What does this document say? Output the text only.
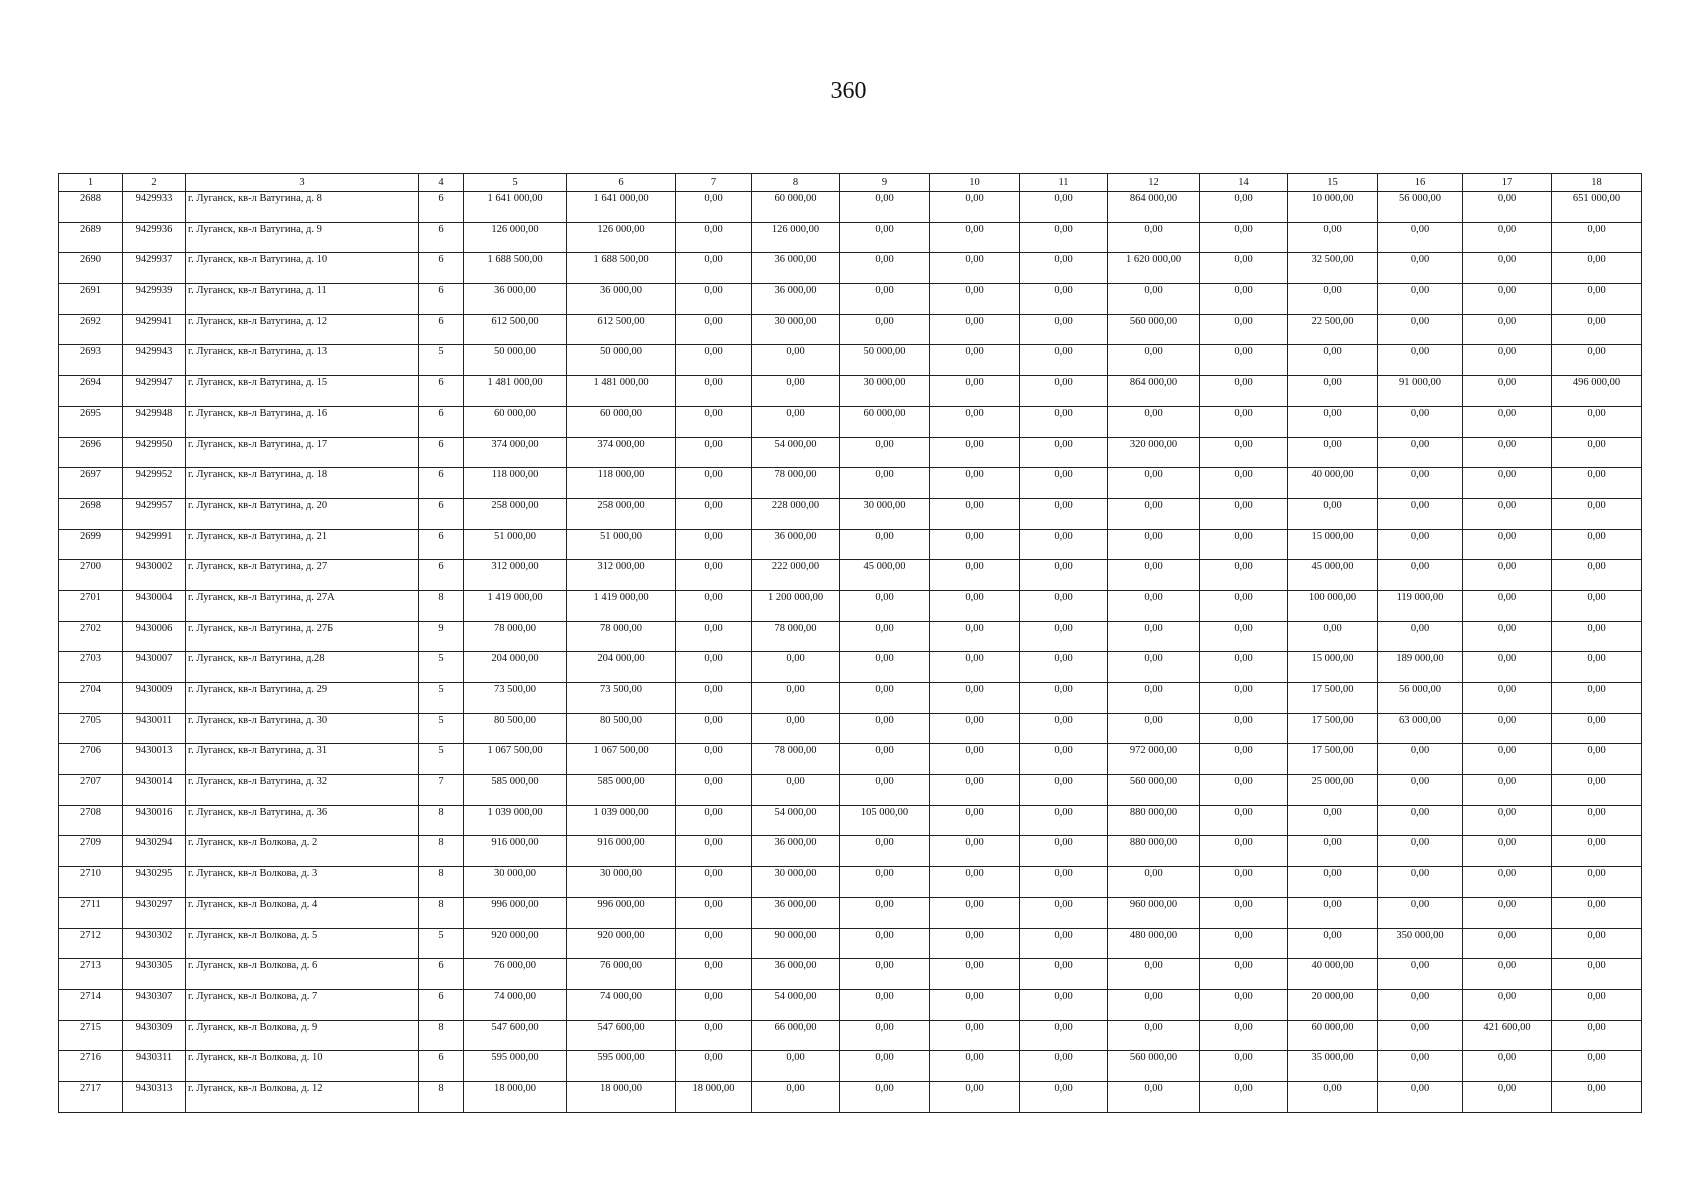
360
1	2	3	4	5	6	7	8	9	10	11	12	14	15	16	17	18
2688	9429933	г. Луганск, кв-л Ватугина, д. 8	6	1 641 000,00	1 641 000,00	0,00	60 000,00	0,00	0,00	0,00	864 000,00	0,00	10 000,00	56 000,00	0,00	651 000,00
2689	9429936	г. Луганск, кв-л Ватугина, д. 9	6	126 000,00	126 000,00	0,00	126 000,00	0,00	0,00	0,00	0,00	0,00	0,00	0,00	0,00	0,00
2690	9429937	г. Луганск, кв-л Ватугина, д. 10	6	1 688 500,00	1 688 500,00	0,00	36 000,00	0,00	0,00	0,00	1 620 000,00	0,00	32 500,00	0,00	0,00	0,00
2691	9429939	г. Луганск, кв-л Ватугина, д. 11	6	36 000,00	36 000,00	0,00	36 000,00	0,00	0,00	0,00	0,00	0,00	0,00	0,00	0,00	0,00
2692	9429941	г. Луганск, кв-л Ватугина, д. 12	6	612 500,00	612 500,00	0,00	30 000,00	0,00	0,00	0,00	560 000,00	0,00	22 500,00	0,00	0,00	0,00
2693	9429943	г. Луганск, кв-л Ватугина, д. 13	5	50 000,00	50 000,00	0,00	0,00	50 000,00	0,00	0,00	0,00	0,00	0,00	0,00	0,00	0,00
2694	9429947	г. Луганск, кв-л Ватугина, д. 15	6	1 481 000,00	1 481 000,00	0,00	0,00	30 000,00	0,00	0,00	864 000,00	0,00	0,00	91 000,00	0,00	496 000,00
2695	9429948	г. Луганск, кв-л Ватугина, д. 16	6	60 000,00	60 000,00	0,00	0,00	60 000,00	0,00	0,00	0,00	0,00	0,00	0,00	0,00	0,00
2696	9429950	г. Луганск, кв-л Ватугина, д. 17	6	374 000,00	374 000,00	0,00	54 000,00	0,00	0,00	0,00	320 000,00	0,00	0,00	0,00	0,00	0,00
2697	9429952	г. Луганск, кв-л Ватугина, д. 18	6	118 000,00	118 000,00	0,00	78 000,00	0,00	0,00	0,00	0,00	0,00	40 000,00	0,00	0,00	0,00
2698	9429957	г. Луганск, кв-л Ватугина, д. 20	6	258 000,00	258 000,00	0,00	228 000,00	30 000,00	0,00	0,00	0,00	0,00	0,00	0,00	0,00	0,00
2699	9429991	г. Луганск, кв-л Ватугина, д. 21	6	51 000,00	51 000,00	0,00	36 000,00	0,00	0,00	0,00	0,00	0,00	15 000,00	0,00	0,00	0,00
2700	9430002	г. Луганск, кв-л Ватугина, д. 27	6	312 000,00	312 000,00	0,00	222 000,00	45 000,00	0,00	0,00	0,00	0,00	45 000,00	0,00	0,00	0,00
2701	9430004	г. Луганск, кв-л Ватугина, д. 27А	8	1 419 000,00	1 419 000,00	0,00	1 200 000,00	0,00	0,00	0,00	0,00	0,00	100 000,00	119 000,00	0,00	0,00
2702	9430006	г. Луганск, кв-л Ватугина, д. 27Б	9	78 000,00	78 000,00	0,00	78 000,00	0,00	0,00	0,00	0,00	0,00	0,00	0,00	0,00	0,00
2703	9430007	г. Луганск, кв-л Ватугина, д.28	5	204 000,00	204 000,00	0,00	0,00	0,00	0,00	0,00	0,00	0,00	15 000,00	189 000,00	0,00	0,00
2704	9430009	г. Луганск, кв-л Ватугина, д. 29	5	73 500,00	73 500,00	0,00	0,00	0,00	0,00	0,00	0,00	0,00	17 500,00	56 000,00	0,00	0,00
2705	9430011	г. Луганск, кв-л Ватугина, д. 30	5	80 500,00	80 500,00	0,00	0,00	0,00	0,00	0,00	0,00	0,00	17 500,00	63 000,00	0,00	0,00
2706	9430013	г. Луганск, кв-л Ватугина, д. 31	5	1 067 500,00	1 067 500,00	0,00	78 000,00	0,00	0,00	0,00	972 000,00	0,00	17 500,00	0,00	0,00	0,00
2707	9430014	г. Луганск, кв-л Ватугина, д. 32	7	585 000,00	585 000,00	0,00	0,00	0,00	0,00	0,00	560 000,00	0,00	25 000,00	0,00	0,00	0,00
2708	9430016	г. Луганск, кв-л Ватугина, д. 36	8	1 039 000,00	1 039 000,00	0,00	54 000,00	105 000,00	0,00	0,00	880 000,00	0,00	0,00	0,00	0,00	0,00
2709	9430294	г. Луганск, кв-л Волкова, д. 2	8	916 000,00	916 000,00	0,00	36 000,00	0,00	0,00	0,00	880 000,00	0,00	0,00	0,00	0,00	0,00
2710	9430295	г. Луганск, кв-л Волкова, д. 3	8	30 000,00	30 000,00	0,00	30 000,00	0,00	0,00	0,00	0,00	0,00	0,00	0,00	0,00	0,00
2711	9430297	г. Луганск, кв-л Волкова, д. 4	8	996 000,00	996 000,00	0,00	36 000,00	0,00	0,00	0,00	960 000,00	0,00	0,00	0,00	0,00	0,00
2712	9430302	г. Луганск, кв-л Волкова, д. 5	5	920 000,00	920 000,00	0,00	90 000,00	0,00	0,00	0,00	480 000,00	0,00	0,00	350 000,00	0,00	0,00
2713	9430305	г. Луганск, кв-л Волкова, д. 6	6	76 000,00	76 000,00	0,00	36 000,00	0,00	0,00	0,00	0,00	0,00	40 000,00	0,00	0,00	0,00
2714	9430307	г. Луганск, кв-л Волкова, д. 7	6	74 000,00	74 000,00	0,00	54 000,00	0,00	0,00	0,00	0,00	0,00	20 000,00	0,00	0,00	0,00
2715	9430309	г. Луганск, кв-л Волкова, д. 9	8	547 600,00	547 600,00	0,00	66 000,00	0,00	0,00	0,00	0,00	0,00	60 000,00	0,00	421 600,00	0,00
2716	9430311	г. Луганск, кв-л Волкова, д. 10	6	595 000,00	595 000,00	0,00	0,00	0,00	0,00	0,00	560 000,00	0,00	35 000,00	0,00	0,00	0,00
2717	9430313	г. Луганск, кв-л Волкова, д. 12	8	18 000,00	18 000,00	18 000,00	0,00	0,00	0,00	0,00	0,00	0,00	0,00	0,00	0,00	0,00
